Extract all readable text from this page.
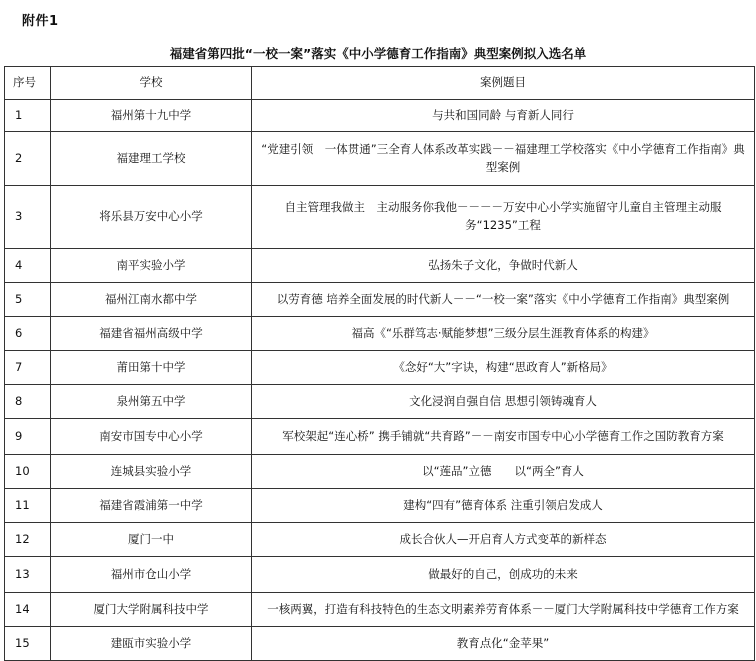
附件1
福建省第四批“一校一案”落实《中小学德育工作指南》典型案例拟入选名单
序号	学校	案例题目
1	福州第十九中学	与共和国同龄 与育新人同行
2	福建理工学校	“党建引领　一体贯通”三全育人体系改革实践－－福建理工学校落实《中小学德育工作指南》典型案例
3	将乐县万安中心小学	自主管理我做主　主动服务你我他－－－－万安中心小学实施留守儿童自主管理主动服务“1235”工程
4	南平实验小学	弘扬朱子文化，争做时代新人
5	福州江南水都中学	以劳育德 培养全面发展的时代新人－－“一校一案”落实《中小学德育工作指南》典型案例
6	福建省福州高级中学	福高《“乐群笃志·赋能梦想”三级分层生涯教育体系的构建》
7	莆田第十中学	《念好“大”字诀，构建“思政育人”新格局》
8	泉州第五中学	文化浸润自强自信 思想引领铸魂育人
9	南安市国专中心小学	军校架起“连心桥” 携手铺就“共育路”－－南安市国专中心小学德育工作之国防教育方案
10	连城县实验小学	以“莲品”立德　　以“两全”育人
11	福建省霞浦第一中学	建构“四有”德育体系 注重引领启发成人
12	厦门一中	成长合伙人—开启育人方式变革的新样态
13	福州市仓山小学	做最好的自己，创成功的未来
14	厦门大学附属科技中学	一核两翼，打造有科技特色的生态文明素养劳育体系－－厦门大学附属科技中学德育工作方案
15	建瓯市实验小学	教育点化“金苹果”
